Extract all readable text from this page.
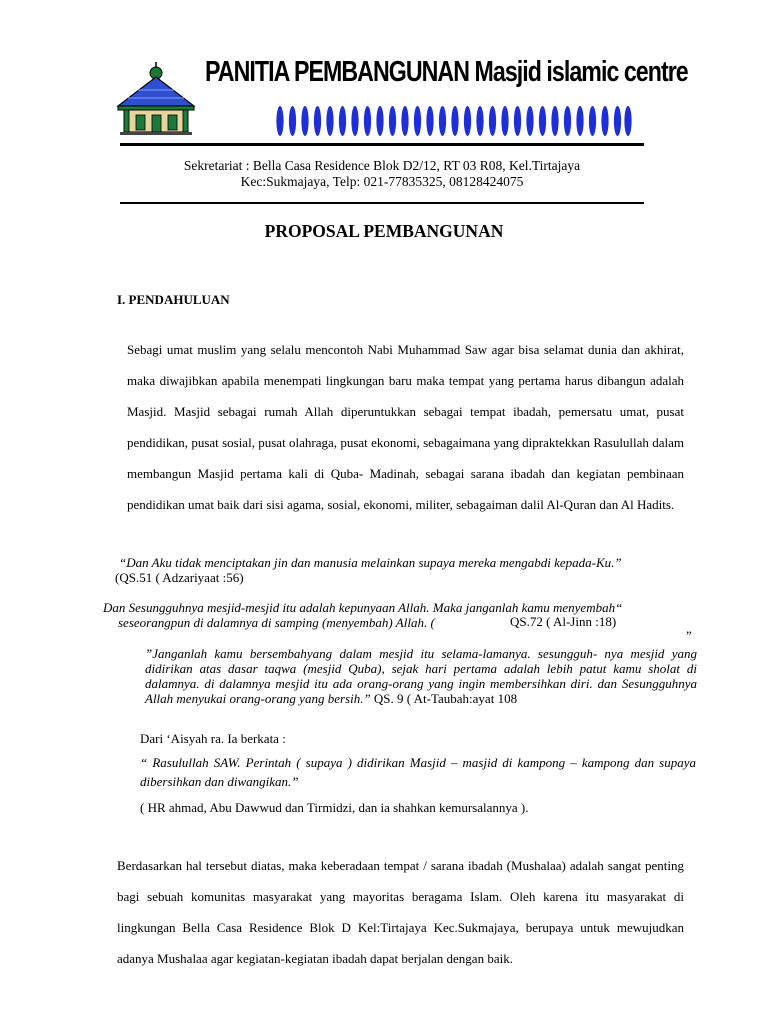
PANITIA PEMBANGUNAN Masjid islamic centre
Sekretariat : Bella Casa Residence Blok D2/12, RT 03 R08, Kel.Tirtajaya
Kec:Sukmajaya, Telp: 021-77835325, 08128424075
PROPOSAL PEMBANGUNAN
I. PENDAHULUAN
Sebagi umat muslim yang selalu mencontoh Nabi Muhammad Saw agar bisa selamat dunia dan akhirat, maka diwajibkan apabila menempati lingkungan baru maka tempat yang pertama harus dibangun adalah Masjid. Masjid sebagai rumah Allah diperuntukkan sebagai tempat ibadah, pemersatu umat, pusat pendidikan, pusat sosial, pusat olahraga, pusat ekonomi, sebagaimana yang dipraktekkan Rasulullah dalam membangun Masjid pertama kali di Quba- Madinah, sebagai sarana ibadah dan kegiatan pembinaan pendidikan umat baik dari sisi agama, sosial, ekonomi, militer, sebagaiman dalil Al-Quran dan Al Hadits.
“Dan Aku tidak menciptakan jin dan manusia melainkan supaya mereka mengabdi kepada-Ku.”
(QS.51 ( Adzariyaat :56)
Dan Sesungguhnya mesjid-mesjid itu adalah kepunyaan Allah. Maka janganlah kamu menyembah“
seseorangpun di dalamnya di samping (menyembah) Allah. (	QS.72 ( Al-Jinn :18)
”
”Janganlah kamu bersembahyang dalam mesjid itu selama-lamanya. sesungguh- nya mesjid yang didirikan atas dasar taqwa (mesjid Quba), sejak hari pertama adalah lebih patut kamu sholat di dalamnya. di dalamnya mesjid itu ada orang-orang yang ingin membersihkan diri. dan Sesungguhnya Allah menyukai orang-orang yang bersih.” QS. 9 ( At-Taubah:ayat 108
Dari ‘Aisyah ra. Ia berkata :
“ Rasulullah SAW. Perintah ( supaya ) didirikan Masjid – masjid di kampong – kampong dan supaya dibersihkan dan diwangikan.”
( HR ahmad, Abu Dawwud dan Tirmidzi, dan ia shahkan kemursalannya ).
Berdasarkan hal tersebut diatas, maka keberadaan tempat / sarana ibadah (Mushalaa) adalah sangat penting bagi sebuah komunitas masyarakat yang mayoritas beragama Islam. Oleh karena itu masyarakat di lingkungan Bella Casa Residence Blok D Kel:Tirtajaya Kec.Sukmajaya, berupaya untuk mewujudkan adanya Mushalaa agar kegiatan-kegiatan ibadah dapat berjalan dengan baik.
